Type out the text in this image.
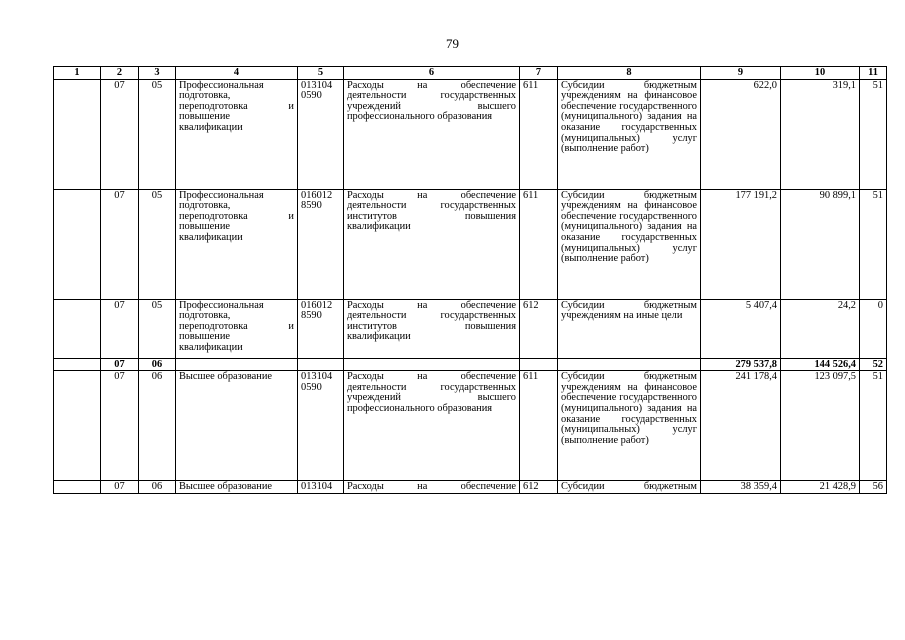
79
1	2	3	4	5	6	7	8	9	10	11
	07	05	Профессиональная подготовка, переподготовка и повышение квалификации	013104 0590	Расходы на обеспечение деятельности государственных учреждений высшего профессионального образования	611	Субсидии бюджетным учреждениям на финансовое обеспечение государственного (муниципального) задания на оказание государственных (муниципальных) услуг (выполнение работ)	622,0	319,1	51
	07	05	Профессиональная подготовка, переподготовка и повышение квалификации	016012 8590	Расходы на обеспечение деятельности государственных институтов повышения квалификации	611	Субсидии бюджетным учреждениям на финансовое обеспечение государственного (муниципального) задания на оказание государственных (муниципальных) услуг (выполнение работ)	177 191,2	90 899,1	51
	07	05	Профессиональная подготовка, переподготовка и повышение квалификации	016012 8590	Расходы на обеспечение деятельности государственных институтов повышения квалификации	612	Субсидии бюджетным учреждениям на иные цели	5 407,4	24,2	0
	07	06						279 537,8	144 526,4	52
	07	06	Высшее образование	013104 0590	Расходы на обеспечение деятельности государственных учреждений высшего профессионального образования	611	Субсидии бюджетным учреждениям на финансовое обеспечение государственного (муниципального) задания на оказание государственных (муниципальных) услуг (выполнение работ)	241 178,4	123 097,5	51
	07	06	Высшее образование	013104	Расходы на обеспечение	612	Субсидии бюджетным	38 359,4	21 428,9	56
